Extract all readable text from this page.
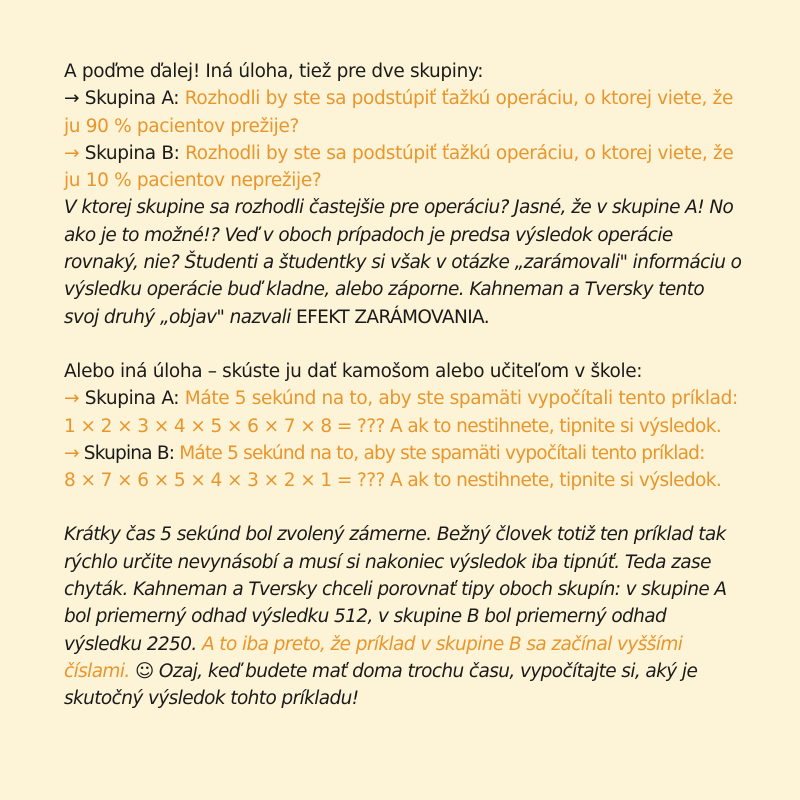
A poďme ďalej! Iná úloha, tiež pre dve skupiny:

→ Skupina A: Rozhodli by ste sa podstúpiť ťažkú operáciu, o ktorej viete, že ju 90 % pacientov prežije?

→ Skupina B: Rozhodli by ste sa podstúpiť ťažkú operáciu, o ktorej viete, že ju 10 % pacientov neprežije?

V ktorej skupine sa rozhodli častejšie pre operáciu? Jasné, že v skupine A! No ako je to možné!? Veď v oboch prípadoch je predsa výsledok operácie rovnaký, nie? Študenti a študentky si však v otázke „zarámovali" informáciu o výsledku operácie buď kladne, alebo záporne. Kahneman a Tversky tento svoj druhý „objav" nazvali EFEKT ZARÁMOVANIA.

Alebo iná úloha – skúste ju dať kamošom alebo učiteľom v škole:

→ Skupina A: Máte 5 sekúnd na to, aby ste spamäti vypočítali tento príklad:

1 × 2 × 3 × 4 × 5 × 6 × 7 × 8 = ??? A ak to nestihnete, tipnite si výsledok.

→ Skupina B: Máte 5 sekúnd na to, aby ste spamäti vypočítali tento príklad:

8 × 7 × 6 × 5 × 4 × 3 × 2 × 1 = ??? A ak to nestihnete, tipnite si výsledok.

Krátky čas 5 sekúnd bol zvolený zámerne. Bežný človek totiž ten príklad tak rýchlo určite nevynásobí a musí si nakoniec výsledok iba tipnúť. Teda zase chyták. Kahneman a Tversky chceli porovnať tipy oboch skupín: v skupine A bol priemerný odhad výsledku 512, v skupine B bol priemerný odhad výsledku 2250. A to iba preto, že príklad v skupine B sa začínal vyššími číslami. ☺ Ozaj, keď budete mať doma trochu času, vypočítajte si, aký je skutočný výsledok tohto príkladu!
